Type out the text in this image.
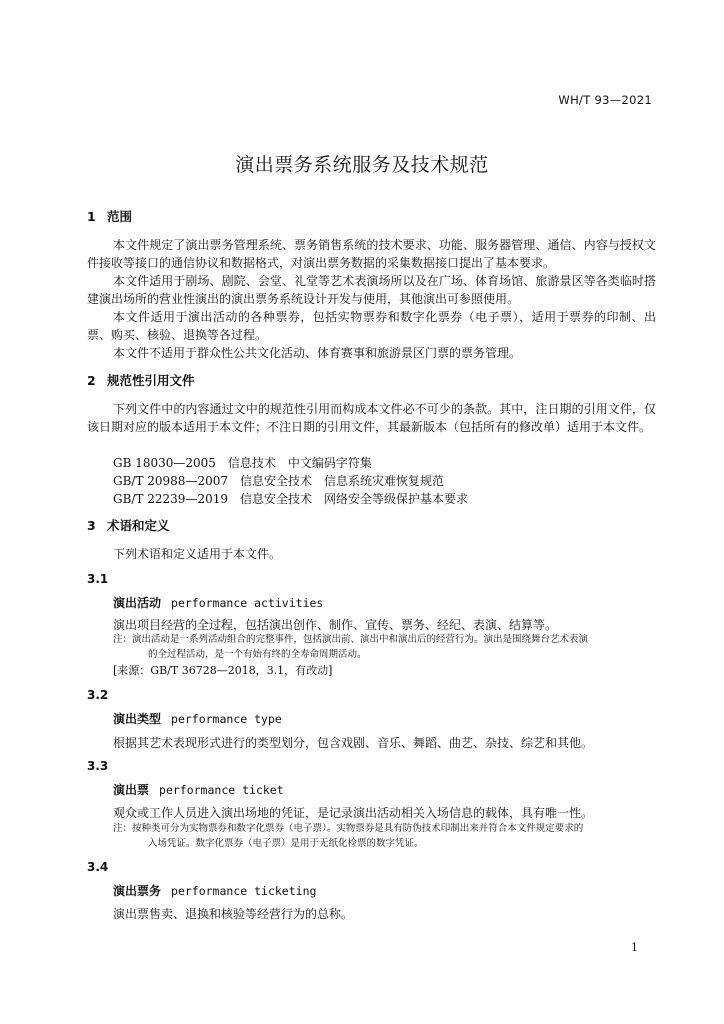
WH/T 93—2021
演出票务系统服务及技术规范
1 范围
本文件规定了演出票务管理系统、票务销售系统的技术要求、功能、服务器管理、通信、内容与授权文件接收等接口的通信协议和数据格式，对演出票务数据的采集数据接口提出了基本要求。
本文件适用于剧场、剧院、会堂、礼堂等艺术表演场所以及在广场、体育场馆、旅游景区等各类临时搭建演出场所的营业性演出的演出票务系统设计开发与使用，其他演出可参照使用。
本文件适用于演出活动的各种票券，包括实物票券和数字化票券（电子票），适用于票券的印制、出票、购买、核验、退换等各过程。
本文件不适用于群众性公共文化活动、体育赛事和旅游景区门票的票务管理。
2 规范性引用文件
下列文件中的内容通过文中的规范性引用而构成本文件必不可少的条款。其中，注日期的引用文件，仅该日期对应的版本适用于本文件；不注日期的引用文件，其最新版本（包括所有的修改单）适用于本文件。
GB 18030—2005　信息技术　中文编码字符集
GB/T 20988—2007　信息安全技术　信息系统灾难恢复规范
GB/T 22239—2019　信息安全技术　网络安全等级保护基本要求
3 术语和定义
下列术语和定义适用于本文件。
3.1
演出活动 performance activities
演出项目经营的全过程，包括演出创作、制作、宣传、票务、经纪、表演、结算等。
注：演出活动是一系列活动组合的完整事件，包括演出前、演出中和演出后的经营行为。演出是围绕舞台艺术表演
的全过程活动，是一个有始有终的全寿命周期活动。
[来源：GB/T 36728—2018，3.1，有改动]
3.2
演出类型 performance type
根据其艺术表现形式进行的类型划分，包含戏剧、音乐、舞蹈、曲艺、杂技、综艺和其他。
3.3
演出票 performance ticket
观众或工作人员进入演出场地的凭证，是记录演出活动相关入场信息的载体，具有唯一性。
注：按种类可分为实物票券和数字化票券（电子票）。实物票券是具有防伪技术印制出来并符合本文件规定要求的
入场凭证。数字化票券（电子票）是用于无纸化检票的数字凭证。
3.4
演出票务 performance ticketing
演出票售卖、退换和核验等经营行为的总称。
1
